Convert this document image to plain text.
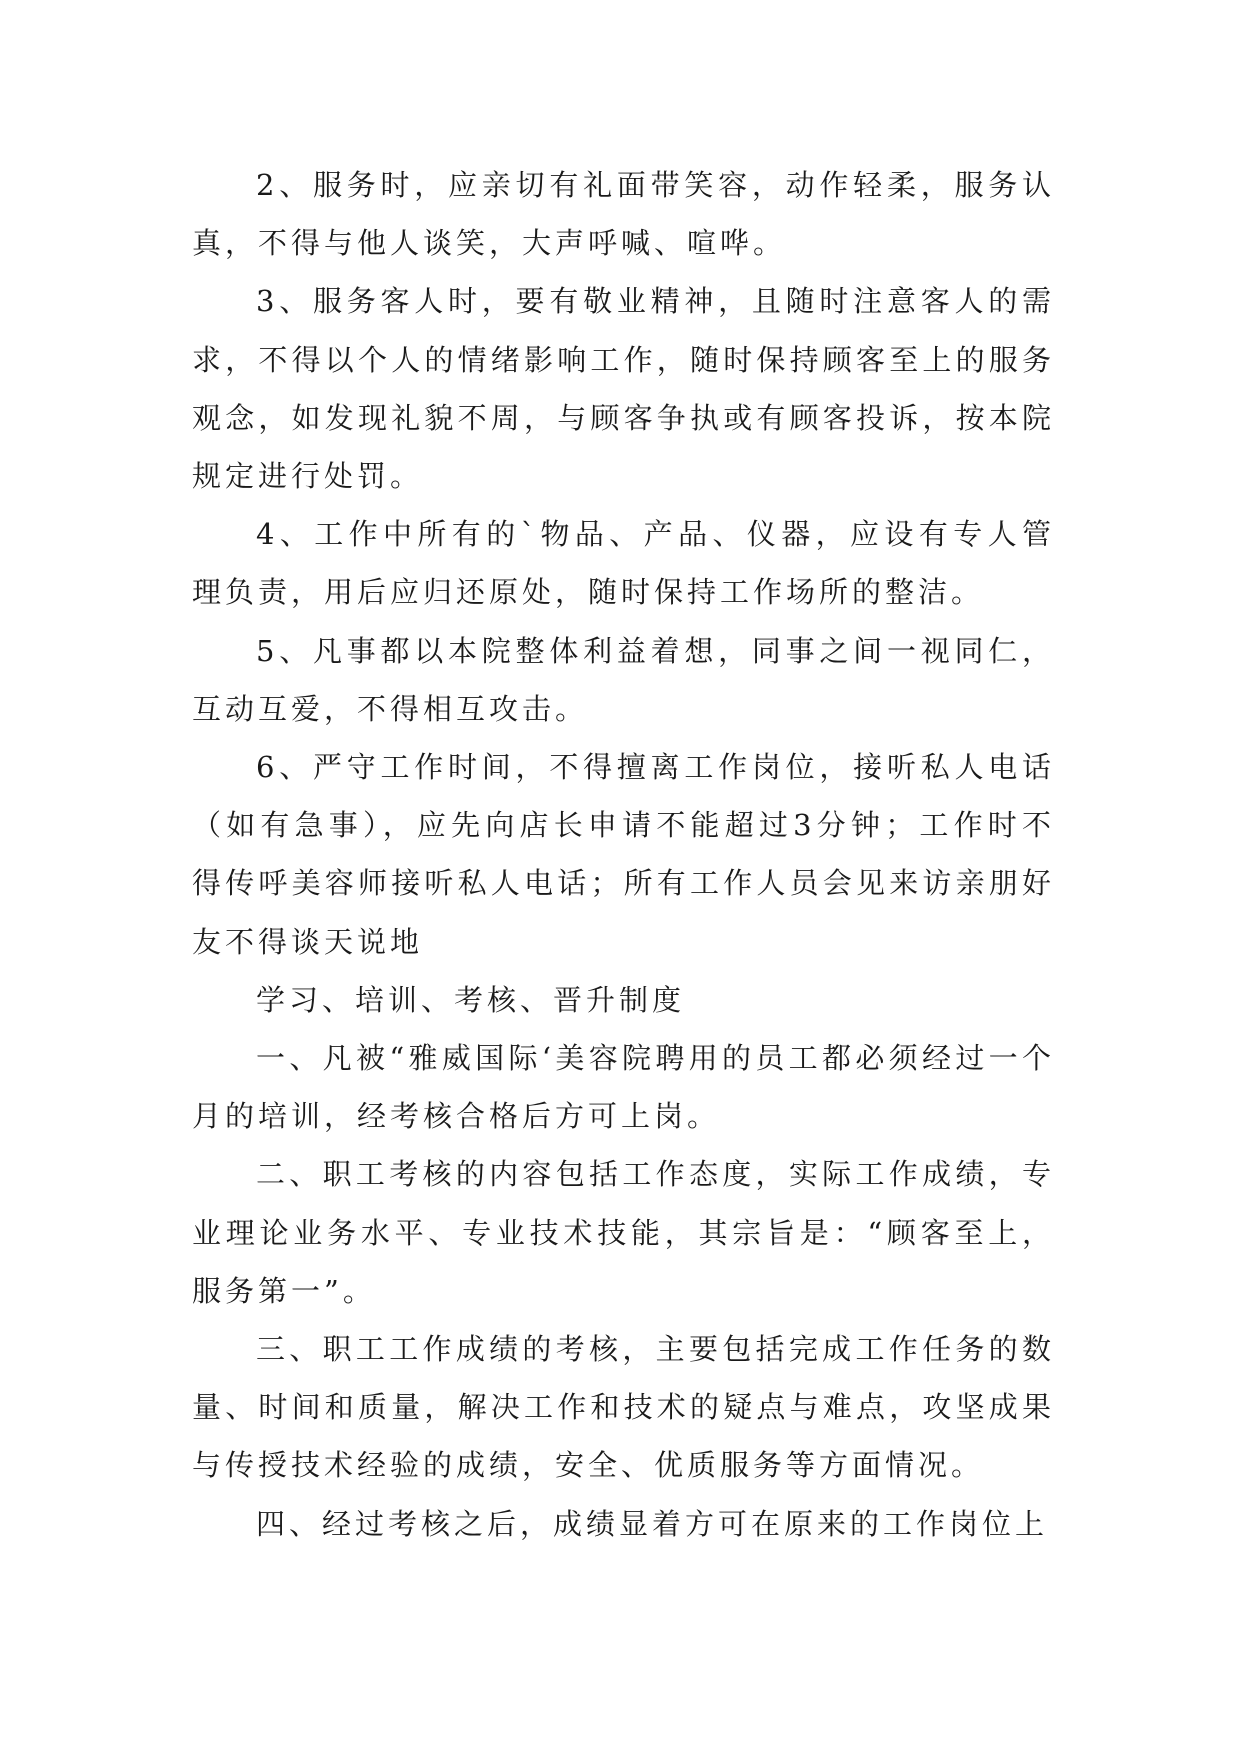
2、服务时，应亲切有礼面带笑容，动作轻柔，服务认真，不得与他人谈笑，大声呼喊、喧哗。

3、服务客人时，要有敬业精神，且随时注意客人的需求，不得以个人的情绪影响工作，随时保持顾客至上的服务观念，如发现礼貌不周，与顾客争执或有顾客投诉，按本院规定进行处罚。

4、工作中所有的`物品、产品、仪器，应设有专人管理负责，用后应归还原处，随时保持工作场所的整洁。

5、凡事都以本院整体利益着想，同事之间一视同仁，互动互爱，不得相互攻击。

6、严守工作时间，不得擅离工作岗位，接听私人电话（如有急事），应先向店长申请不能超过3分钟；工作时不得传呼美容师接听私人电话；所有工作人员会见来访亲朋好友不得谈天说地

学习、培训、考核、晋升制度

一、凡被“雅威国际‘美容院聘用的员工都必须经过一个月的培训，经考核合格后方可上岗。

二、职工考核的内容包括工作态度，实际工作成绩，专业理论业务水平、专业技术技能，其宗旨是：“顾客至上，服务第一”。

三、职工工作成绩的考核，主要包括完成工作任务的数量、时间和质量，解决工作和技术的疑点与难点，攻坚成果与传授技术经验的成绩，安全、优质服务等方面情况。

四、经过考核之后，成绩显着方可在原来的工作岗位上
